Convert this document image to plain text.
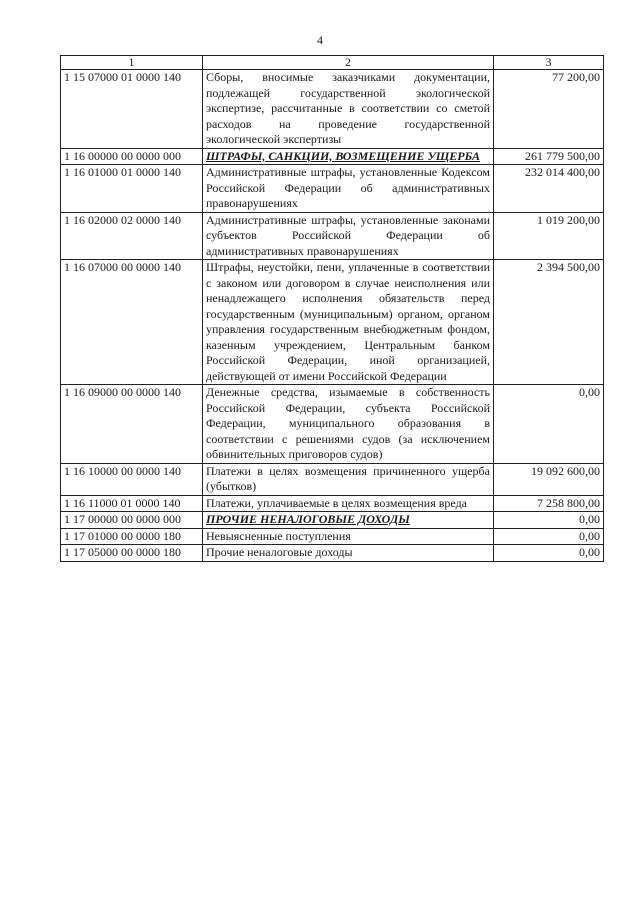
4
1	2	3
1 15 07000 01 0000 140	Сборы, вносимые заказчиками документации, подлежащей государственной экологической экспертизе, рассчитанные в соответствии со сметой расходов на проведение государственной экологической экспертизы	77 200,00
1 16 00000 00 0000 000	ШТРАФЫ, САНКЦИИ, ВОЗМЕЩЕНИЕ УЩЕРБА	261 779 500,00
1 16 01000 01 0000 140	Административные штрафы, установленные Кодексом Российской Федерации об административных правонарушениях	232 014 400,00
1 16 02000 02 0000 140	Административные штрафы, установленные законами субъектов Российской Федерации об административных правонарушениях	1 019 200,00
1 16 07000 00 0000 140	Штрафы, неустойки, пени, уплаченные в соответствии с законом или договором в случае неисполнения или ненадлежащего исполнения обязательств перед государственным (муниципальным) органом, органом управления государственным внебюджетным фондом, казенным учреждением, Центральным банком Российской Федерации, иной организацией, действующей от имени Российской Федерации	2 394 500,00
1 16 09000 00 0000 140	Денежные средства, изымаемые в собственность Российской Федерации, субъекта Российской Федерации, муниципального образования в соответствии с решениями судов (за исключением обвинительных приговоров судов)	0,00
1 16 10000 00 0000 140	Платежи в целях возмещения причиненного ущерба (убытков)	19 092 600,00
1 16 11000 01 0000 140	Платежи, уплачиваемые в целях возмещения вреда	7 258 800,00
1 17 00000 00 0000 000	ПРОЧИЕ НЕНАЛОГОВЫЕ ДОХОДЫ	0,00
1 17 01000 00 0000 180	Невыясненные поступления	0,00
1 17 05000 00 0000 180	Прочие неналоговые доходы	0,00
